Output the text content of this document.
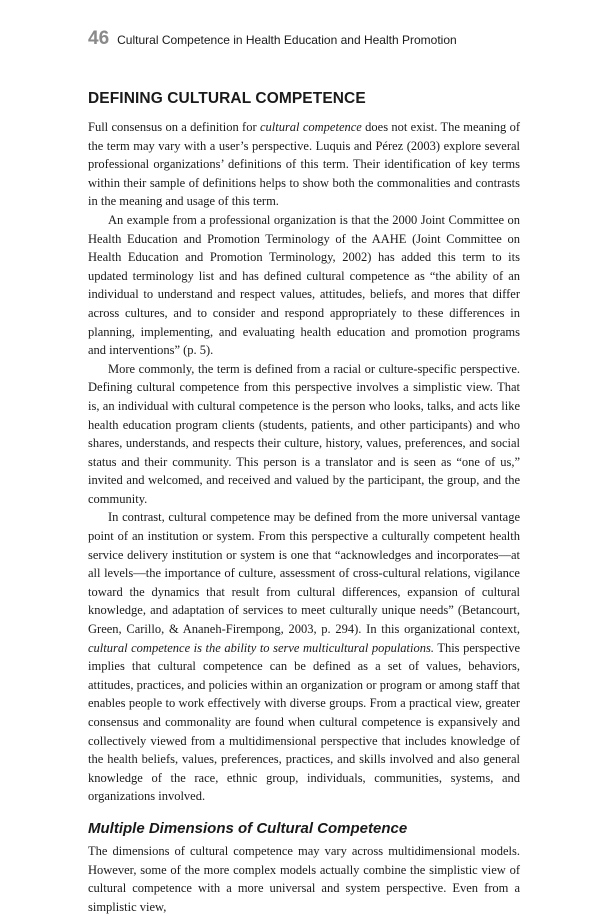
46 Cultural Competence in Health Education and Health Promotion
DEFINING CULTURAL COMPETENCE

Full consensus on a definition for cultural competence does not exist. The meaning of the term may vary with a user’s perspective. Luquis and Pérez (2003) explore several professional organizations’ definitions of this term. Their identification of key terms within their sample of definitions helps to show both the commonalities and contrasts in the meaning and usage of this term.

An example from a professional organization is that the 2000 Joint Committee on Health Education and Promotion Terminology of the AAHE (Joint Committee on Health Education and Promotion Terminology, 2002) has added this term to its updated terminology list and has defined cultural competence as “the ability of an individual to understand and respect values, attitudes, beliefs, and mores that differ across cultures, and to consider and respond appropriately to these differences in planning, implementing, and evaluating health education and promotion programs and interventions” (p. 5).

More commonly, the term is defined from a racial or culture-specific perspective. Defining cultural competence from this perspective involves a simplistic view. That is, an individual with cultural competence is the person who looks, talks, and acts like health education program clients (students, patients, and other participants) and who shares, understands, and respects their culture, history, values, preferences, and social status and their community. This person is a translator and is seen as “one of us,” invited and welcomed, and received and valued by the participant, the group, and the community.

In contrast, cultural competence may be defined from the more universal vantage point of an institution or system. From this perspective a culturally competent health service delivery institution or system is one that “acknowledges and incorporates—at all levels—the importance of culture, assessment of cross-cultural relations, vigilance toward the dynamics that result from cultural differences, expansion of cultural knowledge, and adaptation of services to meet culturally unique needs” (Betancourt, Green, Carillo, & Ananeh-Firempong, 2003, p. 294). In this organizational context, cultural competence is the ability to serve multicultural populations. This perspective implies that cultural competence can be defined as a set of values, behaviors, attitudes, practices, and policies within an organization or program or among staff that enables people to work effectively with diverse groups. From a practical view, greater consensus and commonality are found when cultural competence is expansively and collectively viewed from a multidimensional perspective that includes knowledge of the health beliefs, values, preferences, practices, and skills involved and also general knowledge of the race, ethnic group, individuals, communities, systems, and organizations involved.

Multiple Dimensions of Cultural Competence

The dimensions of cultural competence may vary across multidimensional models. However, some of the more complex models actually combine the simplistic view of cultural competence with a more universal and system perspective. Even from a simplistic view,
